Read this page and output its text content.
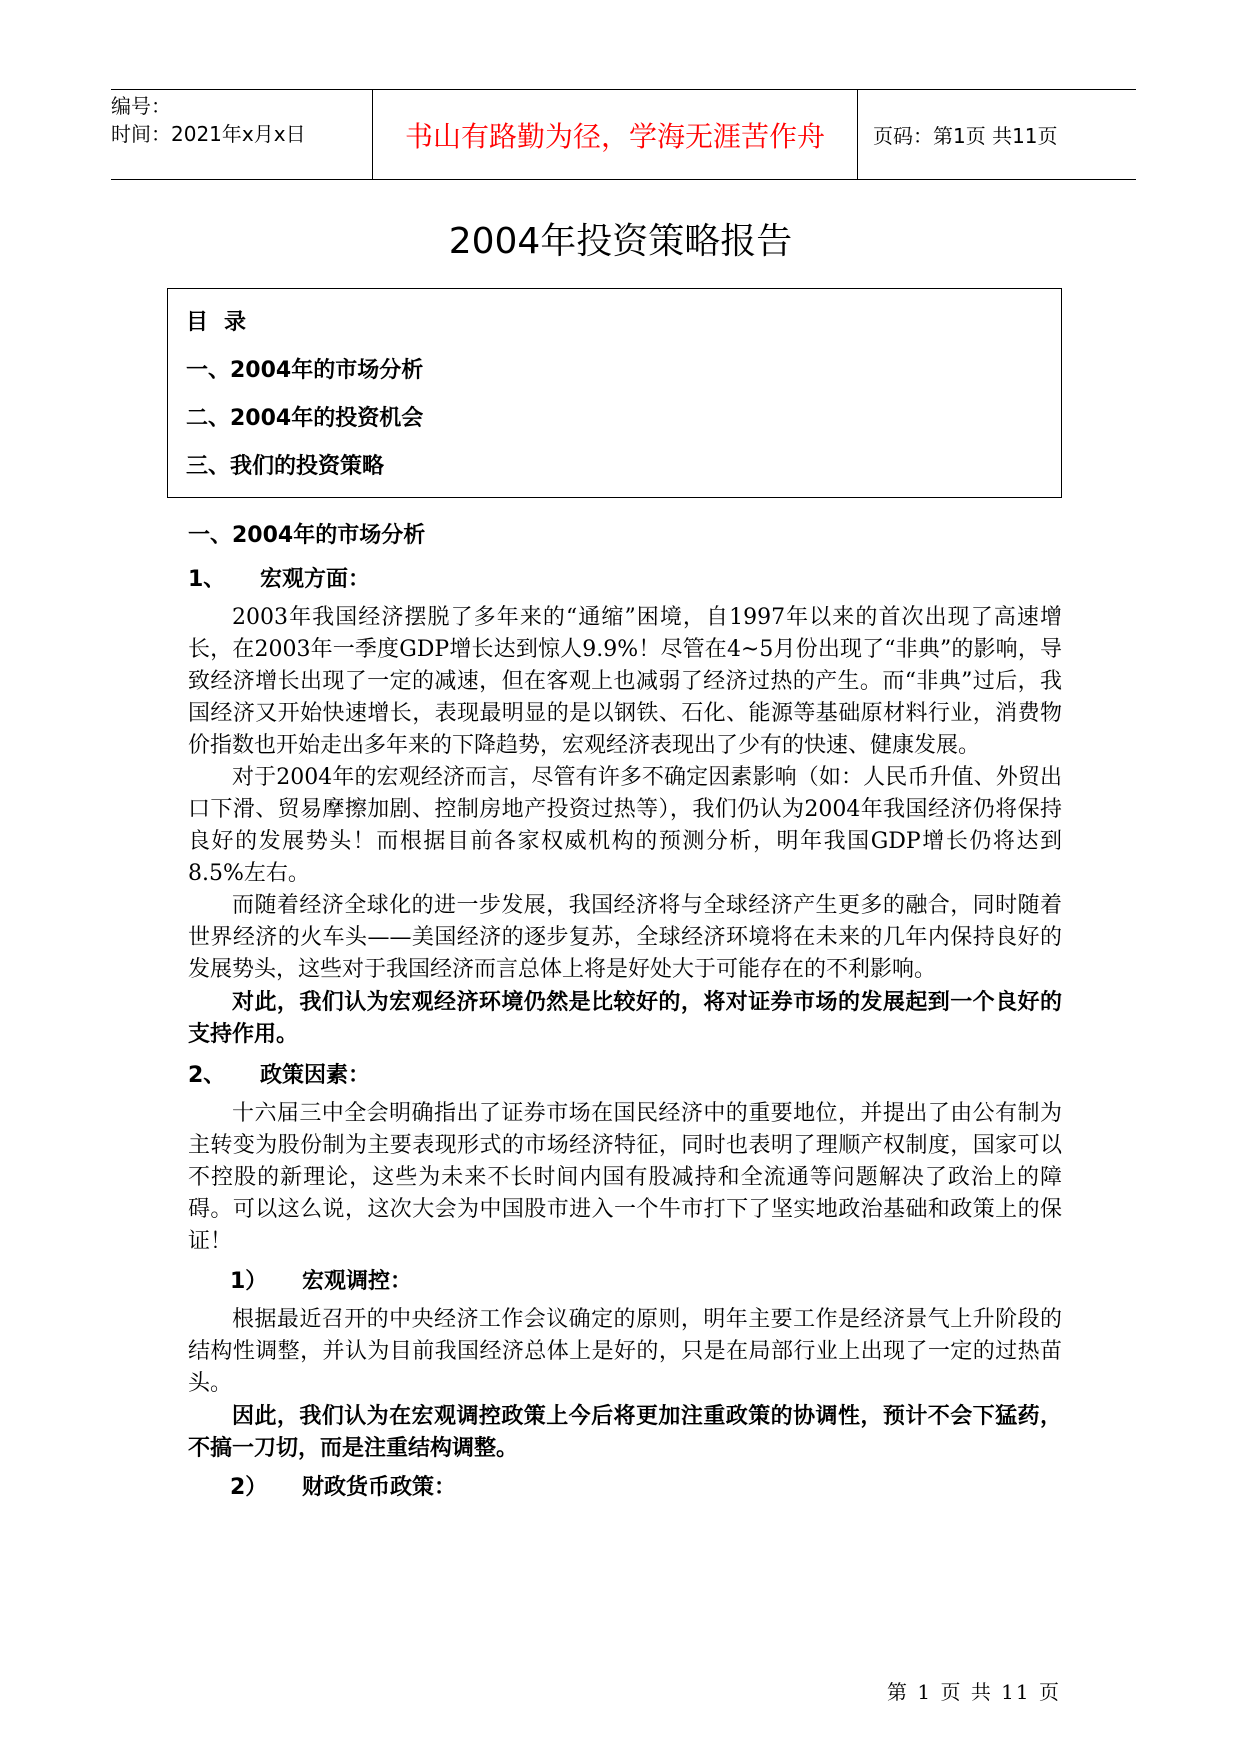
编号：
时间：2021年x月x日	书山有路勤为径，学海无涯苦作舟 页码：第1页 共11页
2004年投资策略报告
目录
一、2004年的市场分析
二、2004年的投资机会
三、我们的投资策略
一、2004年的市场分析
1、 宏观方面：

2003年我国经济摆脱了多年来的“通缩”困境，自1997年以来的首次出现了高速增长，在2003年一季度GDP增长达到惊人9.9%！尽管在4~5月份出现了“非典”的影响，导致经济增长出现了一定的减速，但在客观上也减弱了经济过热的产生。而“非典”过后，我国经济又开始快速增长，表现最明显的是以钢铁、石化、能源等基础原材料行业，消费物价指数也开始走出多年来的下降趋势，宏观经济表现出了少有的快速、健康发展。

对于2004年的宏观经济而言，尽管有许多不确定因素影响（如：人民币升值、外贸出口下滑、贸易摩擦加剧、控制房地产投资过热等），我们仍认为2004年我国经济仍将保持良好的发展势头！而根据目前各家权威机构的预测分析，明年我国GDP增长仍将达到8.5%左右。

而随着经济全球化的进一步发展，我国经济将与全球经济产生更多的融合，同时随着世界经济的火车头——美国经济的逐步复苏，全球经济环境将在未来的几年内保持良好的发展势头，这些对于我国经济而言总体上将是好处大于可能存在的不利影响。

对此，我们认为宏观经济环境仍然是比较好的，将对证券市场的发展起到一个良好的支持作用。

2、 政策因素：

十六届三中全会明确指出了证券市场在国民经济中的重要地位，并提出了由公有制为主转变为股份制为主要表现形式的市场经济特征，同时也表明了理顺产权制度，国家可以不控股的新理论，这些为未来不长时间内国有股减持和全流通等问题解决了政治上的障碍。可以这么说，这次大会为中国股市进入一个牛市打下了坚实地政治基础和政策上的保证！

1） 宏观调控：

根据最近召开的中央经济工作会议确定的原则，明年主要工作是经济景气上升阶段的结构性调整，并认为目前我国经济总体上是好的，只是在局部行业上出现了一定的过热苗头。

因此，我们认为在宏观调控政策上今后将更加注重政策的协调性，预计不会下猛药，不搞一刀切，而是注重结构调整。

2） 财政货币政策：
第 1 页 共 11 页
